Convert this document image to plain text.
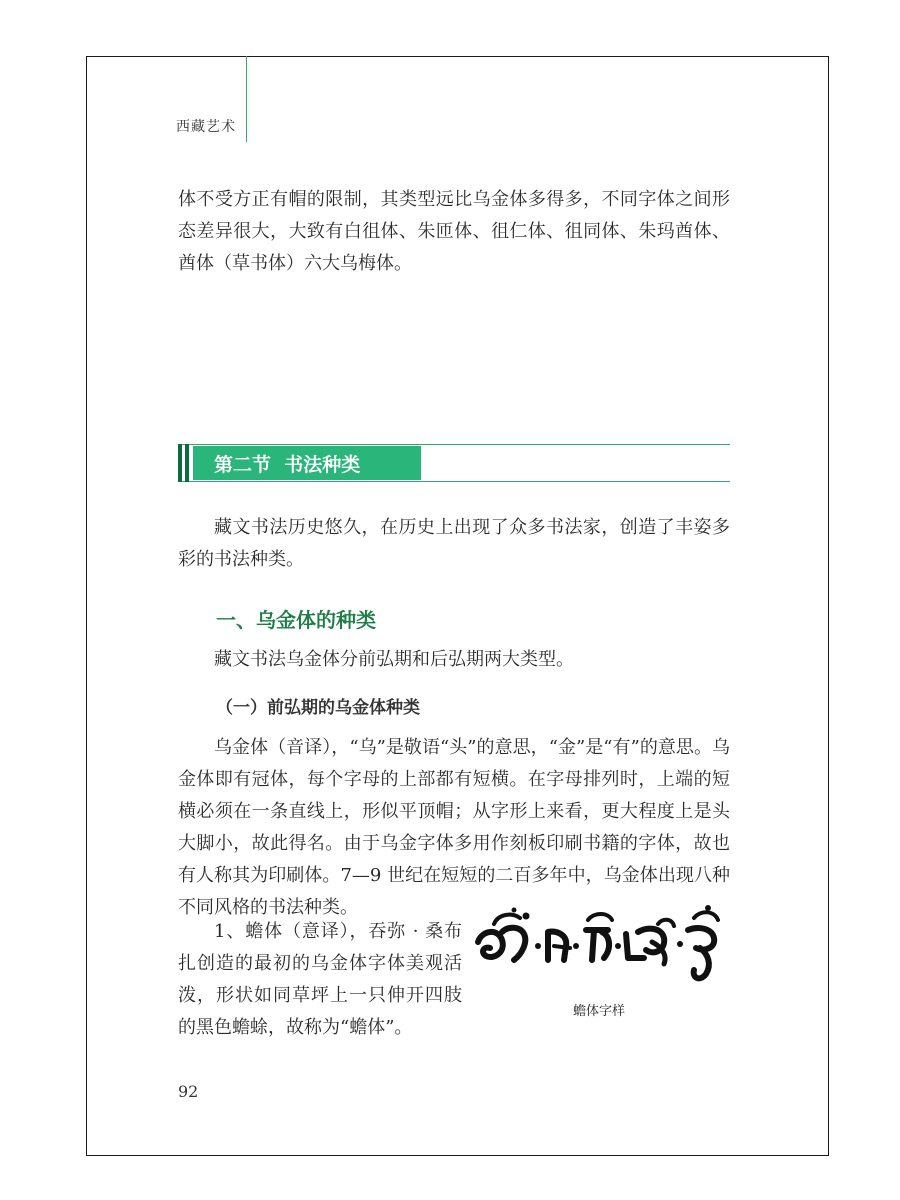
西藏艺术

体不受方正有帽的限制，其类型远比乌金体多得多，不同字体之间形态差异很大，大致有白徂体、朱匝体、徂仁体、徂同体、朱玛酋体、酋体（草书体）六大乌梅体。

第二节  书法种类

藏文书法历史悠久，在历史上出现了众多书法家，创造了丰姿多彩的书法种类。

一、乌金体的种类

藏文书法乌金体分前弘期和后弘期两大类型。

（一）前弘期的乌金体种类

乌金体（音译），“乌”是敬语“头”的意思，“金”是“有”的意思。乌金体即有冠体，每个字母的上部都有短横。在字母排列时，上端的短横必须在一条直线上，形似平顶帽；从字形上来看，更大程度上是头大脚小，故此得名。由于乌金字体多用作刻板印刷书籍的字体，故也有人称其为印刷体。7—9 世纪在短短的二百多年中，乌金体出现八种不同风格的书法种类。

1、蟾体（意译），吞弥 · 桑布扎创造的最初的乌金体字体美观活泼，形状如同草坪上一只伸开四肢的黑色蟾蜍，故称为“蟾体”。

蟾体字样
92
